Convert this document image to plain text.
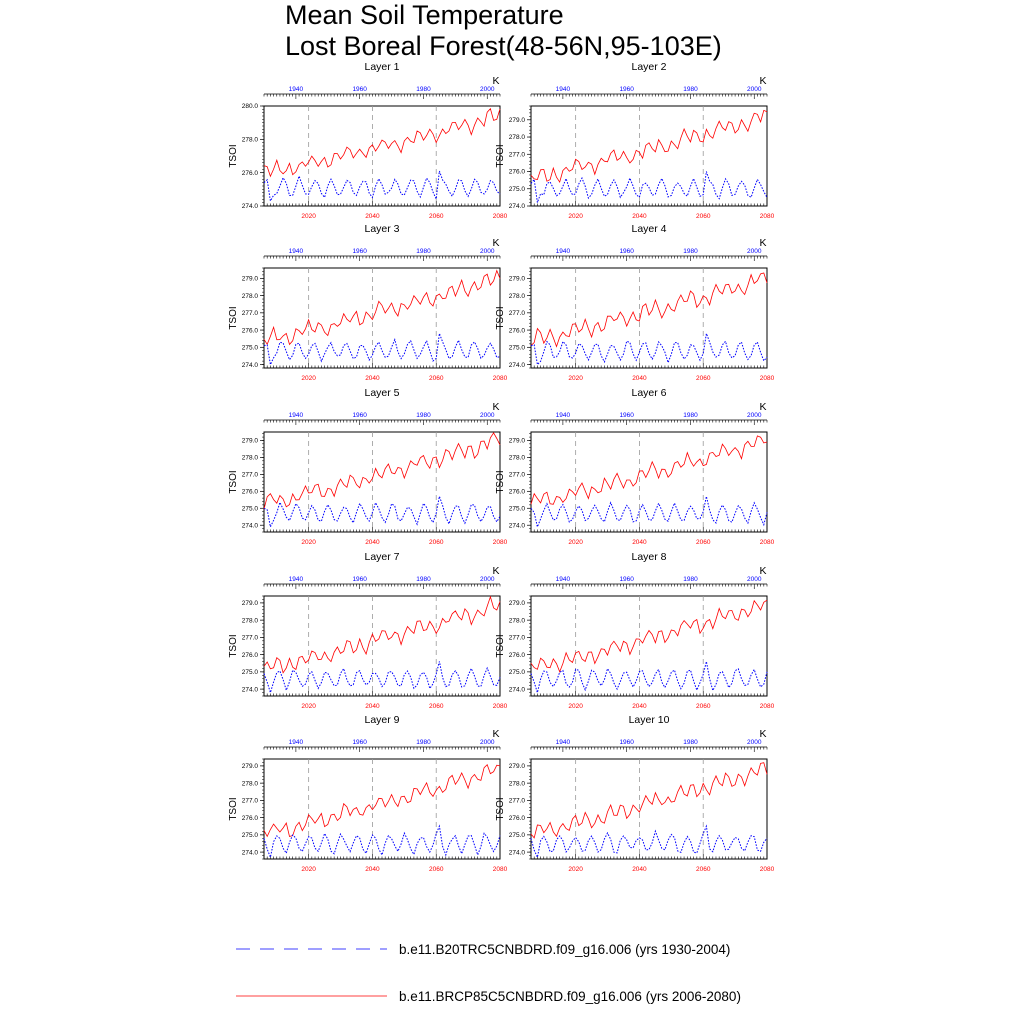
Mean Soil Temperature
Lost Boreal Forest(48-56N,95-103E)
Layer 1
K
1940	1960	1980	2000
2020	2040	2060	2080
274.0
276.0
278.0
280.0
TSOI
Layer 2
K
1940	1960	1980	2000
2020	2040	2060	2080
274.0
275.0
276.0
277.0
278.0
279.0
TSOI
Layer 3
K
1940	1960	1980	2000
2020	2040	2060	2080
274.0
275.0
276.0
277.0
278.0
279.0
TSOI
Layer 4
K
1940	1960	1980	2000
2020	2040	2060	2080
274.0
275.0
276.0
277.0
278.0
279.0
TSOI
Layer 5
K
1940	1960	1980	2000
2020	2040	2060	2080
274.0
275.0
276.0
277.0
278.0
279.0
TSOI
Layer 6
K
1940	1960	1980	2000
2020	2040	2060	2080
274.0
275.0
276.0
277.0
278.0
279.0
TSOI
Layer 7
K
1940	1960	1980	2000
2020	2040	2060	2080
274.0
275.0
276.0
277.0
278.0
279.0
TSOI
Layer 8
K
1940	1960	1980	2000
2020	2040	2060	2080
274.0
275.0
276.0
277.0
278.0
279.0
TSOI
Layer 9
K
1940	1960	1980	2000
2020	2040	2060	2080
274.0
275.0
276.0
277.0
278.0
279.0
TSOI
Layer 10
K
1940	1960	1980	2000
2020	2040	2060	2080
274.0
275.0
276.0
277.0
278.0
279.0
TSOI
b.e11.B20TRC5CNBDRD.f09_g16.006 (yrs 1930-2004)
b.e11.BRCP85C5CNBDRD.f09_g16.006 (yrs 2006-2080)
